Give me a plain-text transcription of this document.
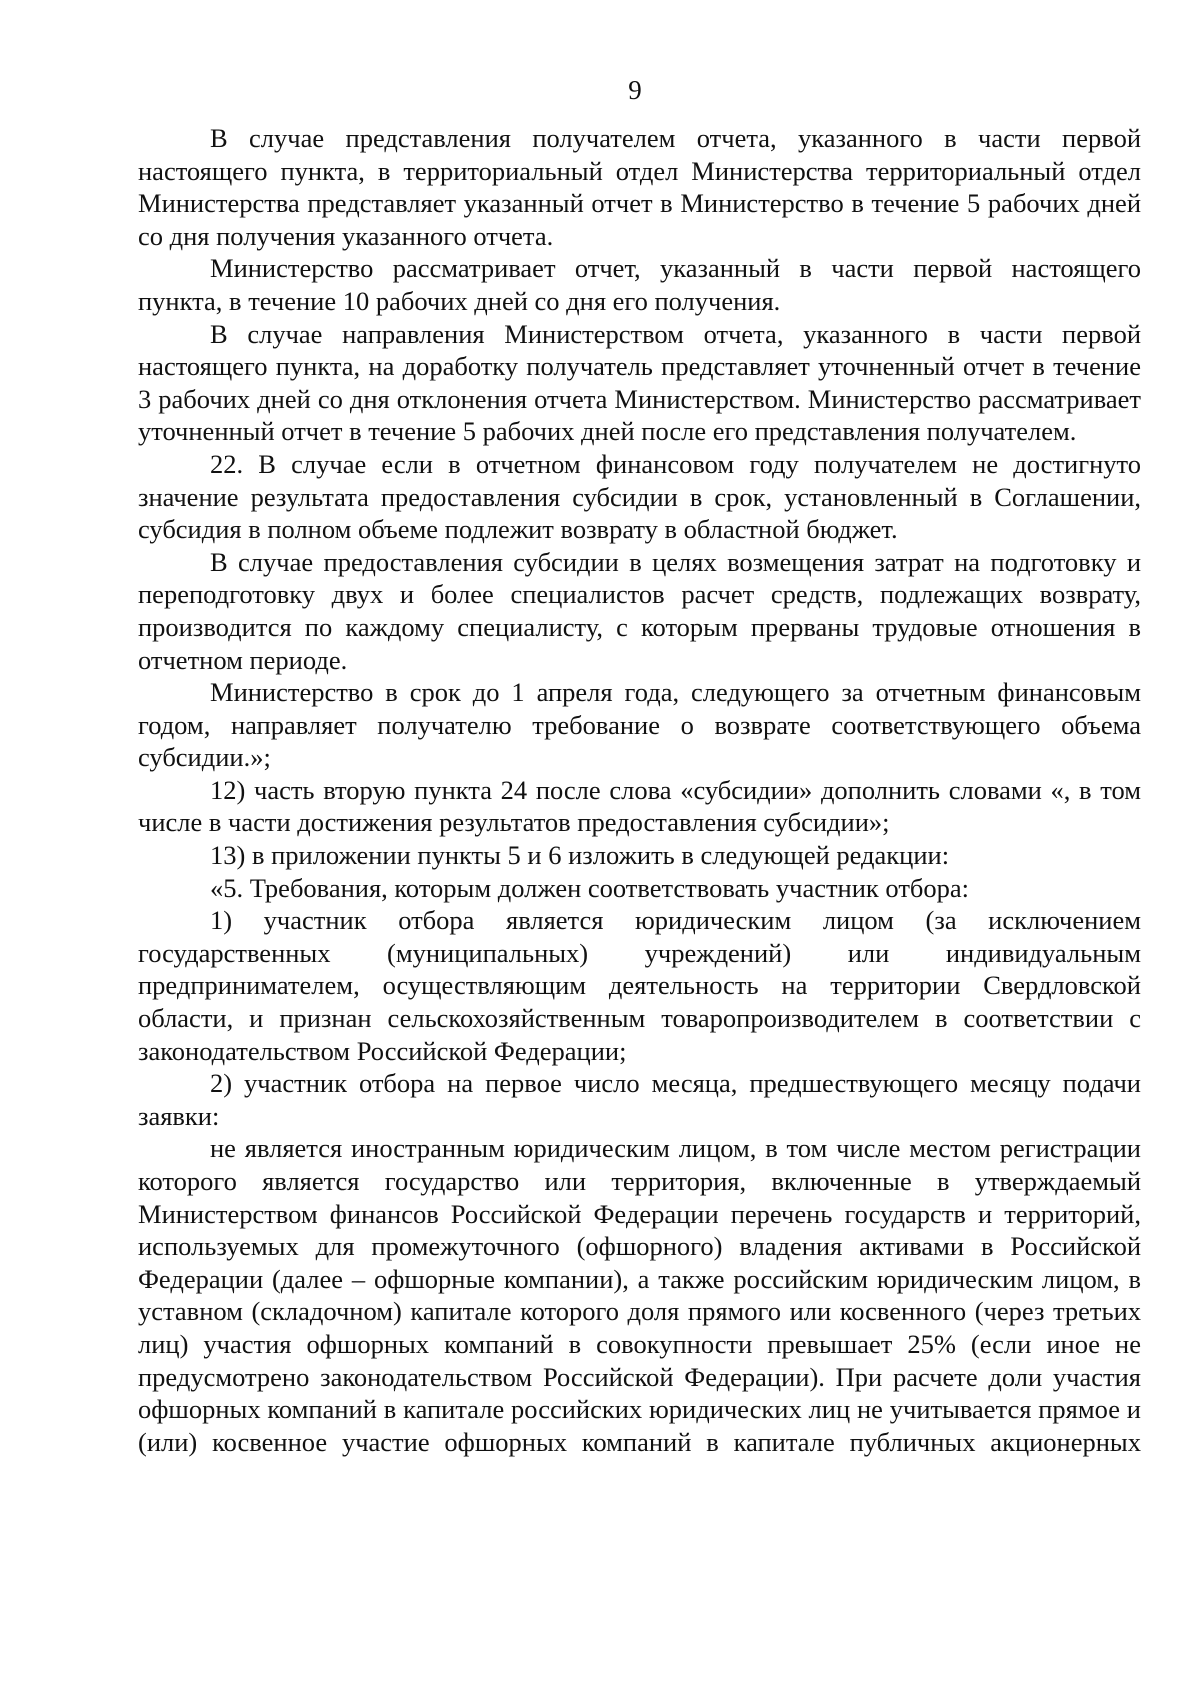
9

В случае представления получателем отчета, указанного в части первой настоящего пункта, в территориальный отдел Министерства территориальный отдел Министерства представляет указанный отчет в Министерство в течение 5 рабочих дней со дня получения указанного отчета.

Министерство рассматривает отчет, указанный в части первой настоящего пункта, в течение 10 рабочих дней со дня его получения.

В случае направления Министерством отчета, указанного в части первой настоящего пункта, на доработку получатель представляет уточненный отчет в течение 3 рабочих дней со дня отклонения отчета Министерством. Министерство рассматривает уточненный отчет в течение 5 рабочих дней после его представления получателем.

22. В случае если в отчетном финансовом году получателем не достигнуто значение результата предоставления субсидии в срок, установленный в Соглашении, субсидия в полном объеме подлежит возврату в областной бюджет.

В случае предоставления субсидии в целях возмещения затрат на подготовку и переподготовку двух и более специалистов расчет средств, подлежащих возврату, производится по каждому специалисту, с которым прерваны трудовые отношения в отчетном периоде.

Министерство в срок до 1 апреля года, следующего за отчетным финансовым годом, направляет получателю требование о возврате соответствующего объема субсидии.»;

12) часть вторую пункта 24 после слова «субсидии» дополнить словами «, в том числе в части достижения результатов предоставления субсидии»;

13) в приложении пункты 5 и 6 изложить в следующей редакции:

«5. Требования, которым должен соответствовать участник отбора:

1) участник отбора является юридическим лицом (за исключением государственных (муниципальных) учреждений) или индивидуальным предпринимателем, осуществляющим деятельность на территории Свердловской области, и признан сельскохозяйственным товаропроизводителем в соответствии с законодательством Российской Федерации;

2) участник отбора на первое число месяца, предшествующего месяцу подачи заявки:

не является иностранным юридическим лицом, в том числе местом регистрации которого является государство или территория, включенные в утверждаемый Министерством финансов Российской Федерации перечень государств и территорий, используемых для промежуточного (офшорного) владения активами в Российской Федерации (далее – офшорные компании), а также российским юридическим лицом, в уставном (складочном) капитале которого доля прямого или косвенного (через третьих лиц) участия офшорных компаний в совокупности превышает 25% (если иное не предусмотрено законодательством Российской Федерации). При расчете доли участия офшорных компаний в капитале российских юридических лиц не учитывается прямое и (или) косвенное участие офшорных компаний в капитале публичных акционерных
